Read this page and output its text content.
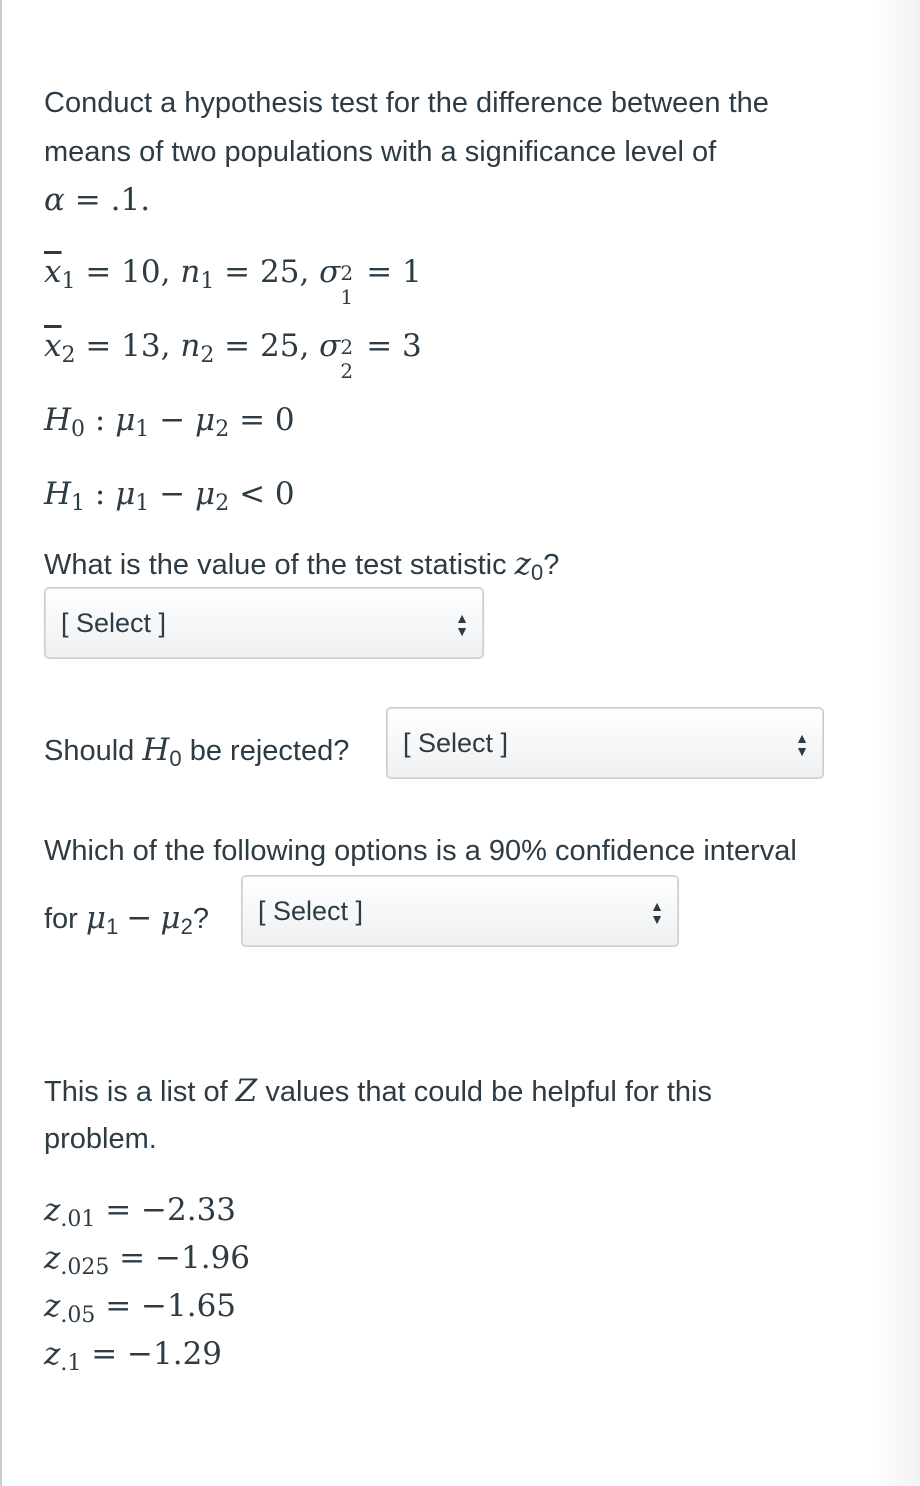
Conduct a hypothesis test for the difference between the
means of two populations with a significance level of
α = .1.
$\overline{x}_1 = 10$, $n_1 = 25$, σ 2
1
= 1
$\overline{x}_2 = 13$, $n_2 = 25$, σ 2
2
= 3
$H_0$ : $\mu_1 - \mu_2 = 0$
$H_1$ : $\mu_1 - \mu_2 < 0$
What is the value of the test statistic $z_0$?
[ Select ]	▲
▼
Should $H_0$ be rejected? [ Select ]	▲
▼
Which of the following options is a 90% confidence interval
for $\mu_1 - \mu_2$? [ Select ]	▲
▼
This is a list of Z values that could be helpful for this
problem.
$z_{.01} = -2.33$
$z_{.025} = -1.96$
$z_{.05} = -1.65$
$z_{.1} = -1.29$
